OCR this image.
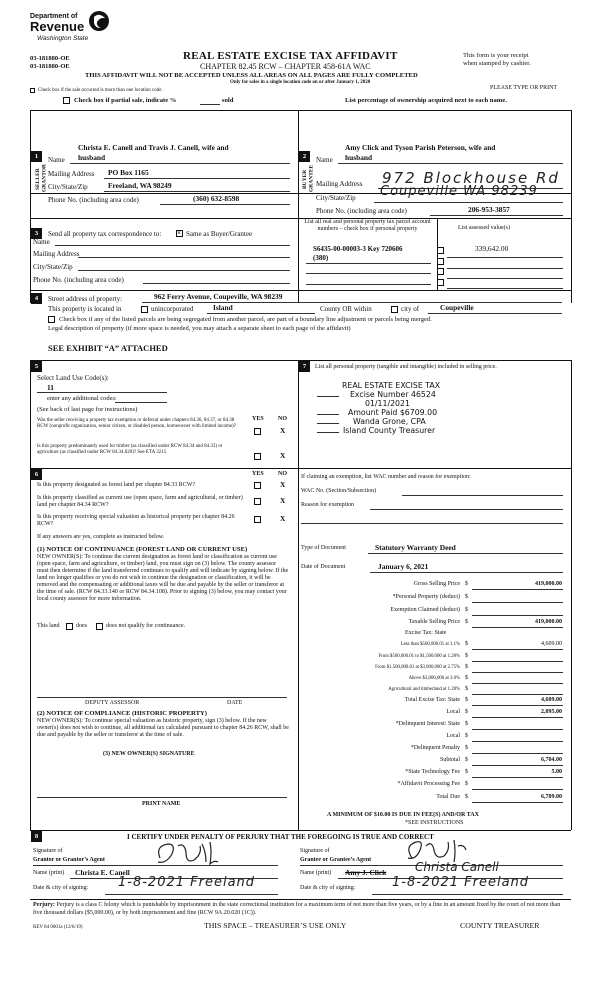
Department of
Revenue
Washington State
03-181880-OE
03-181880-OE
REAL ESTATE EXCISE TAX AFFIDAVIT
CHAPTER 82.45 RCW – CHAPTER 458-61A WAC
THIS AFFIDAVIT WILL NOT BE ACCEPTED UNLESS ALL AREAS ON ALL PAGES ARE FULLY COMPLETED
Only for sales in a single location code on or after January 1, 2020
This form is your receipt
when stamped by cashier.
PLEASE TYPE OR PRINT
Check box if the sale occurred is more than one location code.
Check box if partial sale, indicate %	sold	List percentage of ownership acquired next to each name.
1
SELLER GRANTOR
Christa E. Canell and Travis J. Canell, wife and
Name husband
Mailing Address PO Box 1165
City/State/Zip	Freeland, WA 98249
Phone No. (including area code)	(360) 632-8598
2
BUYER GRANTEE
Amy Click and Tyson Parish Peterson, wife and
Name husband
Mailing Address 972 Blockhouse Rd
City/State/Zip Coupeville WA 98239
Phone No. (including area code)	206-953-3857
3	Send all property tax correspondence to: × Same as Buyer/Grantee
Name
Mailing Address
City/State/Zip
Phone No. (including area code)
List all real and personal property tax parcel account numbers – check box if personal property	List assessed value(s)
S6435-00-00003-3 Key 720606
(380)
339,642.00
4	Street address of property:	962 Ferry Avenue, Coupeville, WA 98239
This property is located in	unincorporated	Island	County OR within	city of	Coupeville
Check box if any of the listed parcels are being segregated from another parcel, are part of a boundary line adjustment or parcels being merged.
Legal description of property (if more space is needed, you may attach a separate sheet to each page of the affidavit)
SEE EXHIBIT “A” ATTACHED
5
Select Land Use Code(s):
11
enter any additional codes:
(See back of last page for instructions)
YES NO
Was the seller receiving a property tax exemption or deferral under chapters 84.36, 84.37, or 84.38 RCW (nonprofit organization, senior citizen, or disabled person, homeowner with limited income)?	X
Is this property predominantly used for timber (as classified under RCW 84.34 and 84.33) or agriculture (as classified under RCW 84.34.020)? See ETA 3215	X
6	YES NO
Is this property designated as forest land per chapter 84.33 RCW?	X
Is this property classified as current use (open space, farm and agricultural, or timber) land per chapter 84.34 RCW?	X
Is this property receiving special valuation as historical property per chapter 84.26 RCW?
X
If any answers are yes, complete as instructed below.
(1) NOTICE OF CONTINUANCE (FOREST LAND OR CURRENT USE)
NEW OWNER(S): To continue the current designation as forest land or classification as current use (open space, farm and agriculture, or timber) land, you must sign on (3) below. The county assessor must then determine if the land transferred continues to qualify and will indicate by signing below. If the land no longer qualifies or you do not wish to continue the designation or classification, it will be removed and the compensating or additional taxes will be due and payable by the seller or transferor at the time of sale. (RCW 84.33.140 or RCW 84.34.108). Prior to signing (3) below, you may contact your local county assessor for more information.
This land	does	does not qualify for continuance.
DEPUTY ASSESSOR	DATE
(2) NOTICE OF COMPLIANCE (HISTORIC PROPERTY)
NEW OWNER(S): To continue special valuation as historic property, sign (3) below. If the new owner(s) does not wish to continue, all additional tax calculated pursuant to chapter 84.26 RCW, shall be due and payable by the seller or transferor at the time of sale.
(3) NEW OWNER(S) SIGNATURE
PRINT NAME
7	List all personal property (tangible and intangible) included in selling price.
REAL ESTATE EXCISE TAX
Excise Number 46524
01/11/2021
Amount Paid $6709.00
Wanda Grone, CPA
Island County Treasurer
If claiming an exemption, list WAC number and reason for exemption:
WAC No. (Section/Subsection)
Reason for exemption
Type of Document	Statutory Warranty Deed
Date of Document	January 6, 2021
Gross Selling Price $	419,000.00
*Personal Property (deduct) $
Exemption Claimed (deduct) $
Taxable Selling Price $	419,000.00
Excise Tax: State
Less than $500,000.01 at 1.1% $	4,609.00
From $500,000.01 to $1,500,000 at 1.28% $
From $1,500,000.01 at $3,000,000 at 2.75% $
Above $3,000,000 at 3.0% $
Agricultural and timberland at 1.28% $
Total Excise Tax: State $	4,609.00
Local $	2,095.00
*Delinquent Interest: State $
Local $
*Delinquent Penalty $
Subtotal $	6,704.00
*State Technology Fee $	5.00
*Affidavit Processing Fee $
Total Due $	6,709.00
A MINIMUM OF $10.00 IS DUE IN FEE(S) AND/OR TAX
*SEE INSTRUCTIONS
8	I CERTIFY UNDER PENALTY OF PERJURY THAT THE FOREGOING IS TRUE AND CORRECT
Signature of
Grantor or Grantor’s Agent
Name (print) Christa E. Canell
Date & city of signing: 1-8-2021 Freeland
Signature of
Grantee or Grantee’s Agent
Name (print) Amy J. Click Christa Canell
Date & city of signing:	1-8-2021 Freeland
Perjury: Perjury is a class C felony which is punishable by imprisonment in the state correctional institution for a maximum term of not more than five years, or by a fine in an amount fixed by the court of not more than five thousand dollars ($5,000.00), or by both imprisonment and fine (RCW 9A.20.020 (1C)).
REV 84 0001a (12/6/19)	THIS SPACE – TREASURER’S USE ONLY	COUNTY TREASURER
